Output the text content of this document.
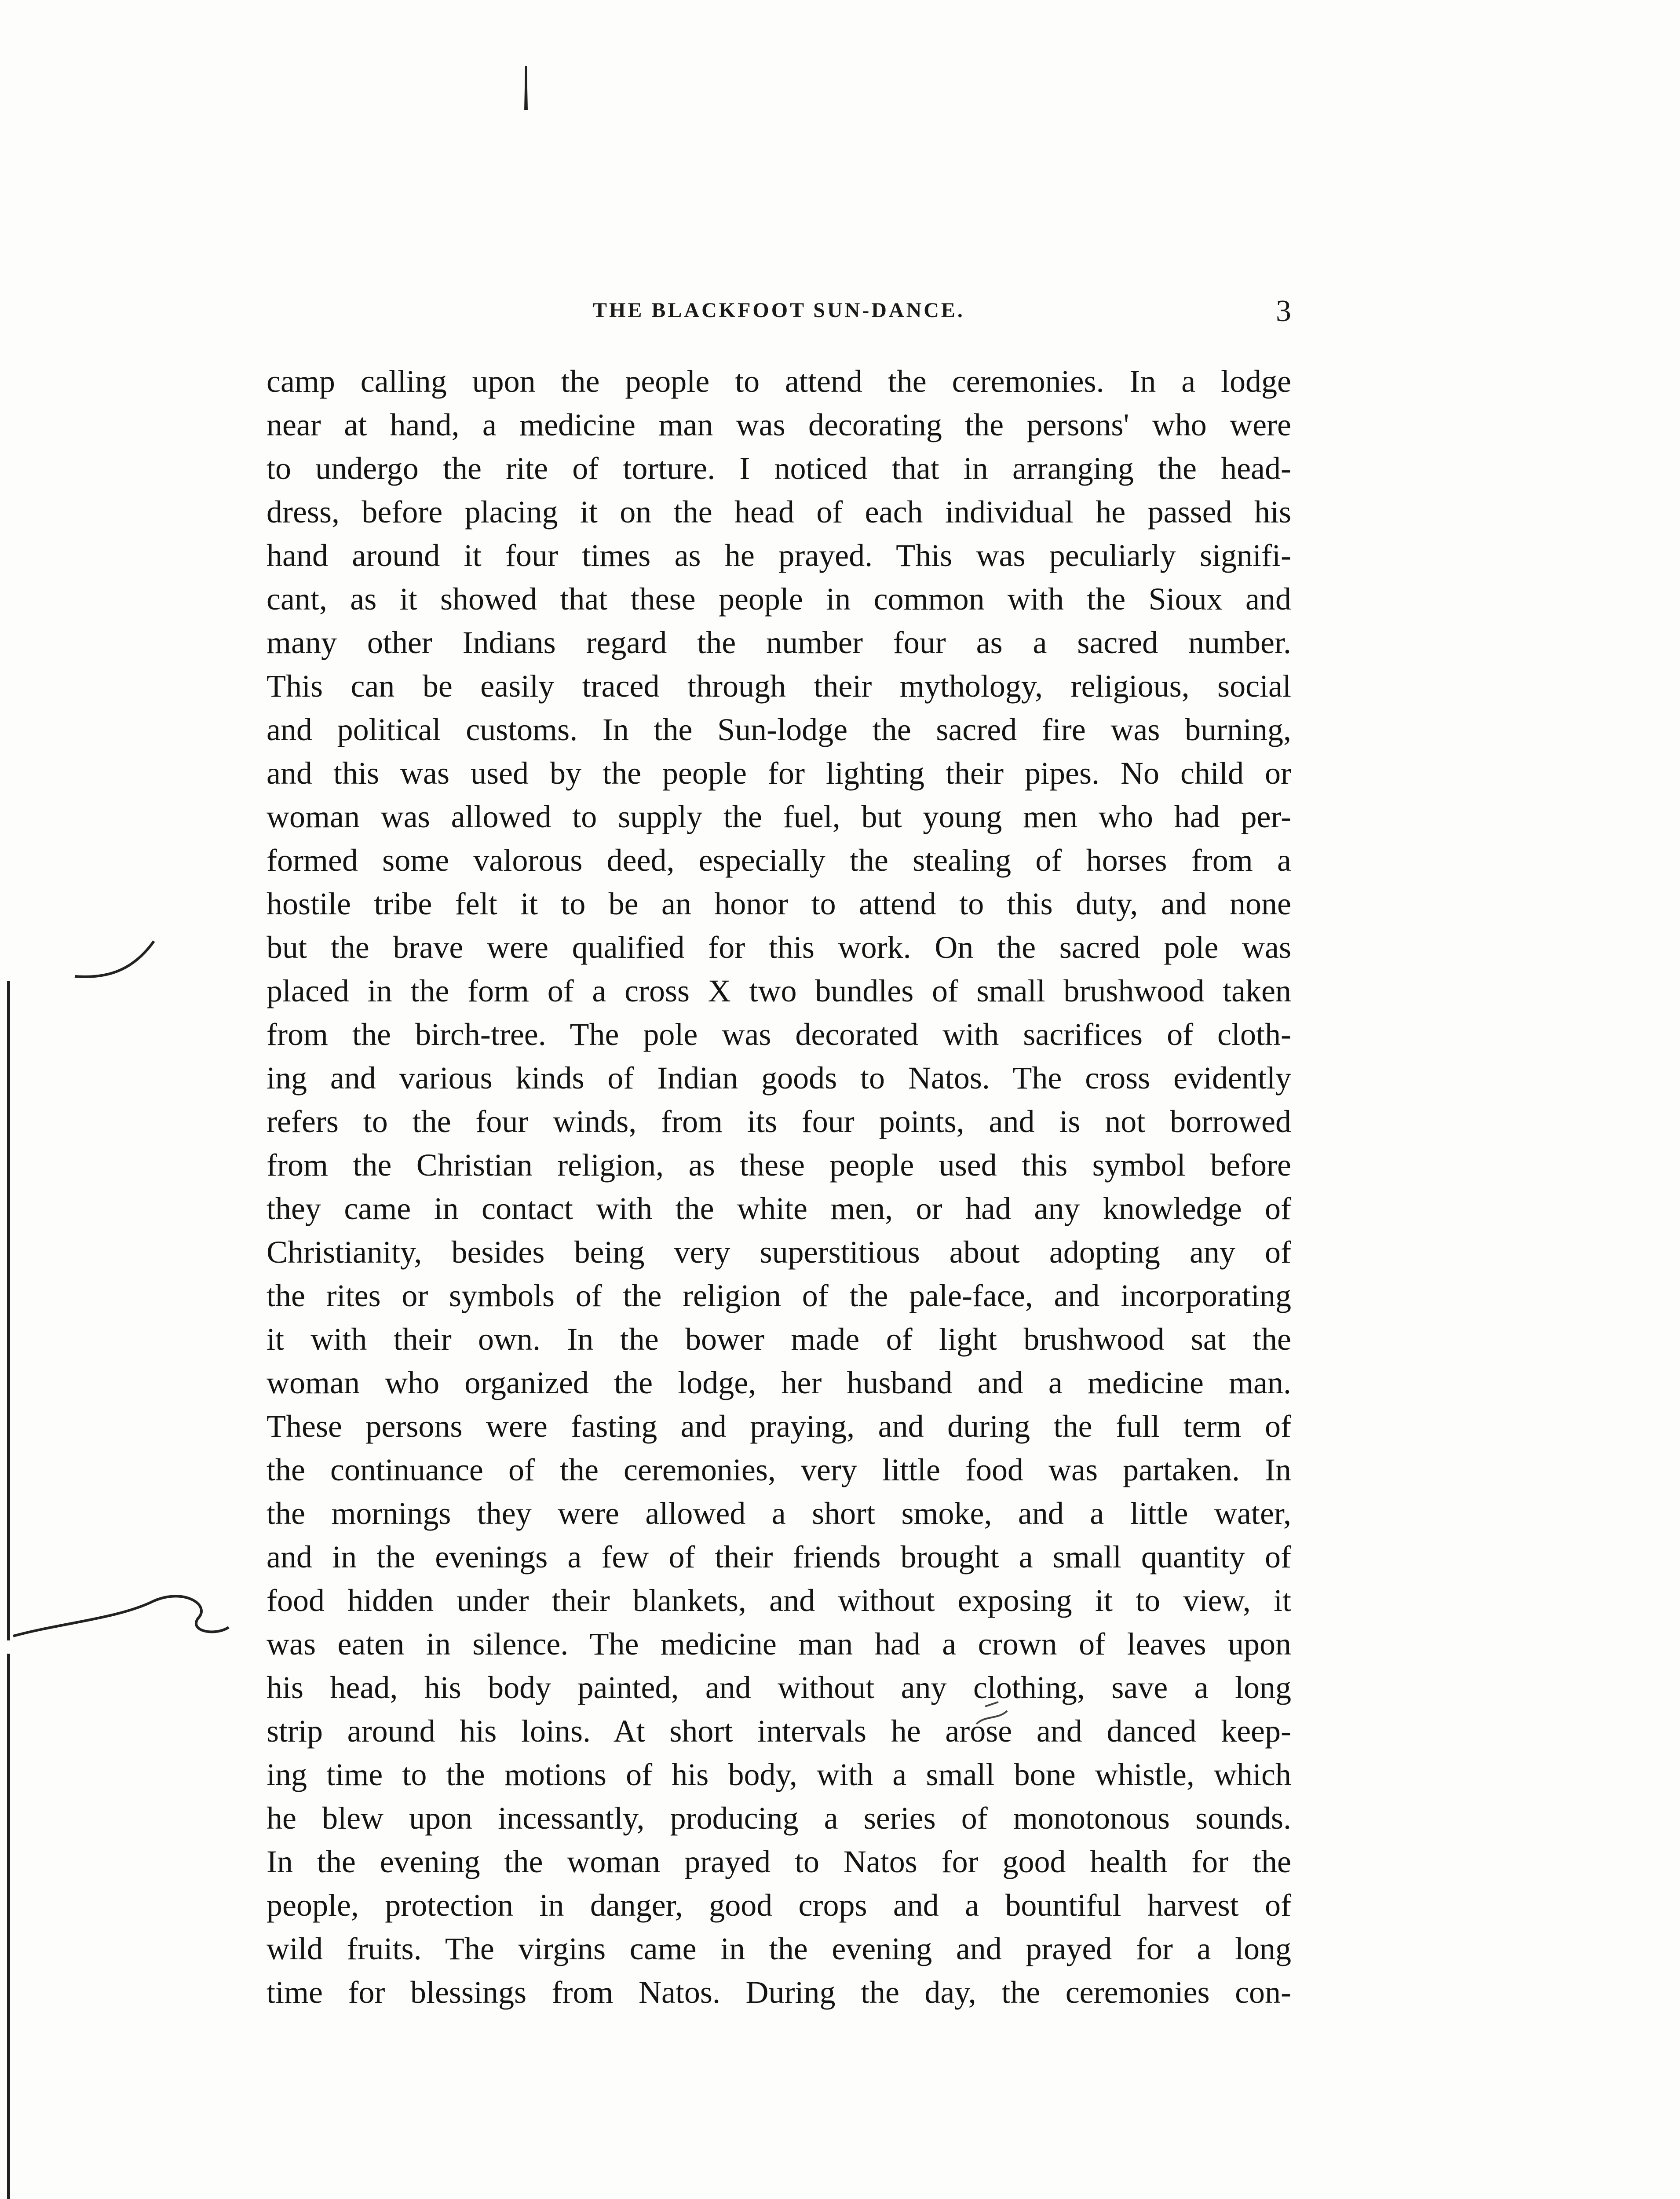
THE BLACKFOOT SUN-DANCE.	3
camp calling upon the people to attend the ceremonies. In a lodge
near at hand, a medicine man was decorating the persons' who were
to undergo the rite of torture. I noticed that in arranging the head-
dress, before placing it on the head of each individual he passed his
hand around it four times as he prayed. This was peculiarly signifi-
cant, as it showed that these people in common with the Sioux and
many other Indians regard the number four as a sacred number.
This can be easily traced through their mythology, religious, social
and political customs. In the Sun-lodge the sacred fire was burning,
and this was used by the people for lighting their pipes. No child or
woman was allowed to supply the fuel, but young men who had per-
formed some valorous deed, especially the stealing of horses from a
hostile tribe felt it to be an honor to attend to this duty, and none
but the brave were qualified for this work. On the sacred pole was
placed in the form of a cross X two bundles of small brushwood taken
from the birch-tree. The pole was decorated with sacrifices of cloth-
ing and various kinds of Indian goods to Natos. The cross evidently
refers to the four winds, from its four points, and is not borrowed
from the Christian religion, as these people used this symbol before
they came in contact with the white men, or had any knowledge of
Christianity, besides being very superstitious about adopting any of
the rites or symbols of the religion of the pale-face, and incorporating
it with their own. In the bower made of light brushwood sat the
woman who organized the lodge, her husband and a medicine man.
These persons were fasting and praying, and during the full term of
the continuance of the ceremonies, very little food was partaken. In
the mornings they were allowed a short smoke, and a little water,
and in the evenings a few of their friends brought a small quantity of
food hidden under their blankets, and without exposing it to view, it
was eaten in silence. The medicine man had a crown of leaves upon
his head, his body painted, and without any clothing, save a long
strip around his loins. At short intervals he arose and danced keep-
ing time to the motions of his body, with a small bone whistle, which
he blew upon incessantly, producing a series of monotonous sounds.
In the evening the woman prayed to Natos for good health for the
people, protection in danger, good crops and a bountiful harvest of
wild fruits. The virgins came in the evening and prayed for a long
time for blessings from Natos. During the day, the ceremonies con-
